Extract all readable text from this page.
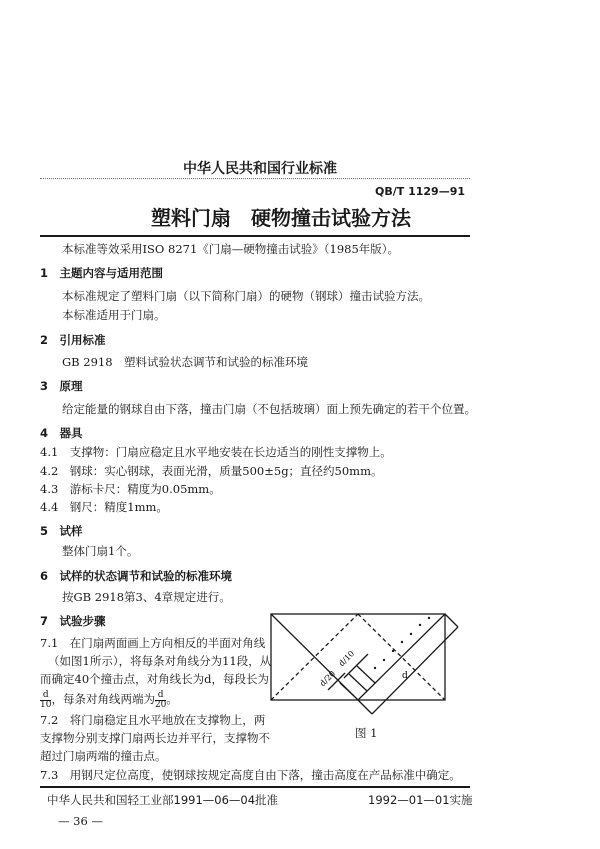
中华人民共和国行业标准
QB/T 1129—91
塑料门扇　硬物撞击试验方法
本标准等效采用ISO 8271《门扇—硬物撞击试验》（1985年版）。
1　主题内容与适用范围
本标准规定了塑料门扇（以下简称门扇）的硬物（钢球）撞击试验方法。
本标准适用于门扇。
2　引用标准
GB 2918　塑料试验状态调节和试验的标准环境
3　原理
给定能量的钢球自由下落，撞击门扇（不包括玻璃）面上预先确定的若干个位置。
4　器具
4.1　支撑物：门扇应稳定且水平地安装在长边适当的刚性支撑物上。
4.2　钢球：实心钢球，表面光滑，质量500±5g；直径约50mm。
4.3　游标卡尺：精度为0.05mm。
4.4　钢尺：精度1mm。
5　试样
整体门扇1个。
6　试样的状态调节和试验的标准环境
按GB 2918第3、4章规定进行。
7　试验步骤
7.1　在门扇两面画上方向相反的半面对角线
（如图1所示），将每条对角线分为11段，从
而确定40个撞击点，对角线长为d，每段长为
$\frac{d}{10}$ ，每条对角线两端为 $\frac{d}{20}$ 。
7.2　将门扇稳定且水平地放在支撑物上，两
支撑物分别支撑门扇两长边并平行，支撑物不
超过门扇两端的撞击点。
7.3　用钢尺定位高度，使钢球按规定高度自由下落，撞击高度在产品标准中确定。
d/10
d/20	d
图 1
中华人民共和国轻工业部1991—06—04批准	1992—01—01实施
— 36 —
